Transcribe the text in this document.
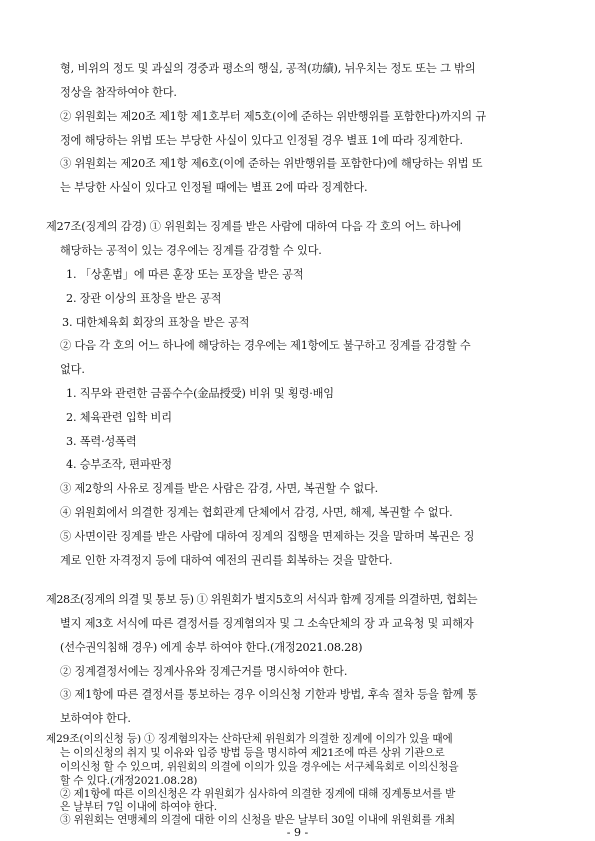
형, 비위의 정도 및 과실의 경중과 평소의 행실, 공적(功績), 뉘우치는 정도 또는 그 밖의
정상을 참작하여야 한다.
② 위원회는 제20조 제1항 제1호부터 제5호(이에 준하는 위반행위를 포함한다)까지의 규
정에 해당하는 위법 또는 부당한 사실이 있다고 인정될 경우 별표 1에 따라 징계한다.
③ 위원회는 제20조 제1항 제6호(이에 준하는 위반행위를 포함한다)에 해당하는 위법 또
는 부당한 사실이 있다고 인정될 때에는 별표 2에 따라 징계한다.
제27조(징계의 감경) ① 위원회는 징계를 받은 사람에 대하여 다음 각 호의 어느 하나에
해당하는 공적이 있는 경우에는 징계를 감경할 수 있다.
1. 「상훈법」에 따른 훈장 또는 포장을 받은 공적
2. 장관 이상의 표창을 받은 공적
3. 대한체육회 회장의 표창을 받은 공적
② 다음 각 호의 어느 하나에 해당하는 경우에는 제1항에도 불구하고 징계를 감경할 수
없다.
1. 직무와 관련한 금품수수(金品授受) 비위 및 횡령·배임
2. 체육관련 입학 비리
3. 폭력·성폭력
4. 승부조작, 편파판정
③ 제2항의 사유로 징계를 받은 사람은 감경, 사면, 복권할 수 없다.
④ 위원회에서 의결한 징계는 협회관계 단체에서 감경, 사면, 해제, 복권할 수 없다.
⑤ 사면이란 징계를 받은 사람에 대하여 징계의 집행을 면제하는 것을 말하며 복권은 징
계로 인한 자격정지 등에 대하여 예전의 권리를 회복하는 것을 말한다.
제28조(징계의 의결 및 통보 등) ① 위원회가 별지5호의 서식과 함께 징계를 의결하면, 협회는
별지 제3호 서식에 따른 결정서를 징계혐의자 및 그 소속단체의 장 과 교육청 및 피해자
(선수권익침해 경우) 에게 송부 하여야 한다.(개정2021.08.28)
② 징계결정서에는 징계사유와 징계근거를 명시하여야 한다.
③ 제1항에 따른 결정서를 통보하는 경우 이의신청 기한과 방법, 후속 절차 등을 함께 통
보하여야 한다.
제29조(이의신청 등) ① 징계혐의자는 산하단체 위원회가 의결한 징계에 이의가 있을 때에
는 이의신청의 취지 및 이유와 입증 방법 등을 명시하여 제21조에 따른 상위 기관으로
이의신청 할 수 있으며, 위원회의 의결에 이의가 있을 경우에는 서구체육회로 이의신청을
- 9 -
할 수 있다.(개정2021.08.28)
② 제1항에 따른 이의신청은 각 위원회가 심사하여 의결한 징계에 대해 징계통보서를 받
은 날부터 7일 이내에 하여야 한다.
③ 위원회는 연맹체의 의결에 대한 이의 신청을 받은 날부터 30일 이내에 위원회를 개최
